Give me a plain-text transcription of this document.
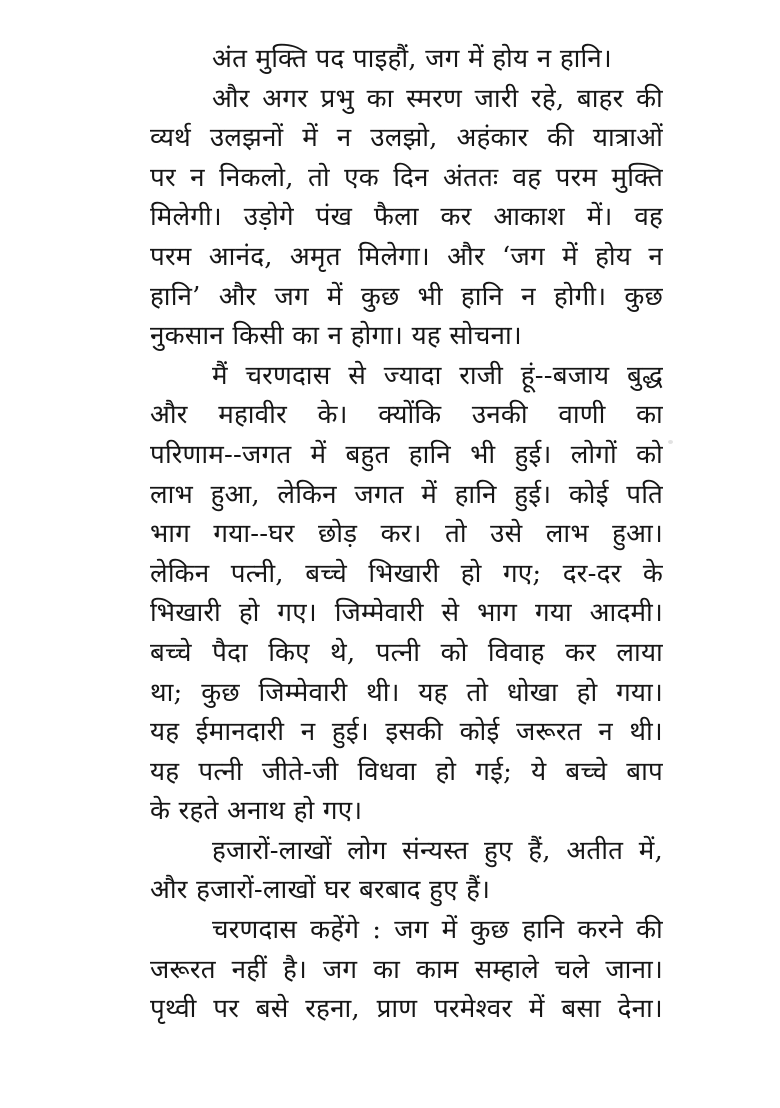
अंत मुक्ति पद पाइहौं, जग में होय न हानि।
और अगर प्रभु का स्मरण जारी रहे, बाहर की
व्यर्थ उलझनों में न उलझो, अहंकार की यात्राओं
पर न निकलो, तो एक दिन अंततः वह परम मुक्ति
मिलेगी। उड़ोगे पंख फैला कर आकाश में। वह
परम आनंद, अमृत मिलेगा। और ‘जग में होय न
हानि’ और जग में कुछ भी हानि न होगी। कुछ
नुकसान किसी का न होगा। यह सोचना।
मैं चरणदास से ज्यादा राजी हूं--बजाय बुद्ध
और महावीर के। क्योंकि उनकी वाणी का
परिणाम--जगत में बहुत हानि भी हुई। लोगों को
लाभ हुआ, लेकिन जगत में हानि हुई। कोई पति
भाग गया--घर छोड़ कर। तो उसे लाभ हुआ।
लेकिन पत्नी, बच्चे भिखारी हो गए; दर-दर के
भिखारी हो गए। जिम्मेवारी से भाग गया आदमी।
बच्चे पैदा किए थे, पत्नी को विवाह कर लाया
था; कुछ जिम्मेवारी थी। यह तो धोखा हो गया।
यह ईमानदारी न हुई। इसकी कोई जरूरत न थी।
यह पत्नी जीते-जी विधवा हो गई; ये बच्चे बाप
के रहते अनाथ हो गए।
हजारों-लाखों लोग संन्यस्त हुए हैं, अतीत में,
और हजारों-लाखों घर बरबाद हुए हैं।
चरणदास कहेंगे : जग में कुछ हानि करने की
जरूरत नहीं है। जग का काम सम्हाले चले जाना।
पृथ्वी पर बसे रहना, प्राण परमेश्वर में बसा देना।
